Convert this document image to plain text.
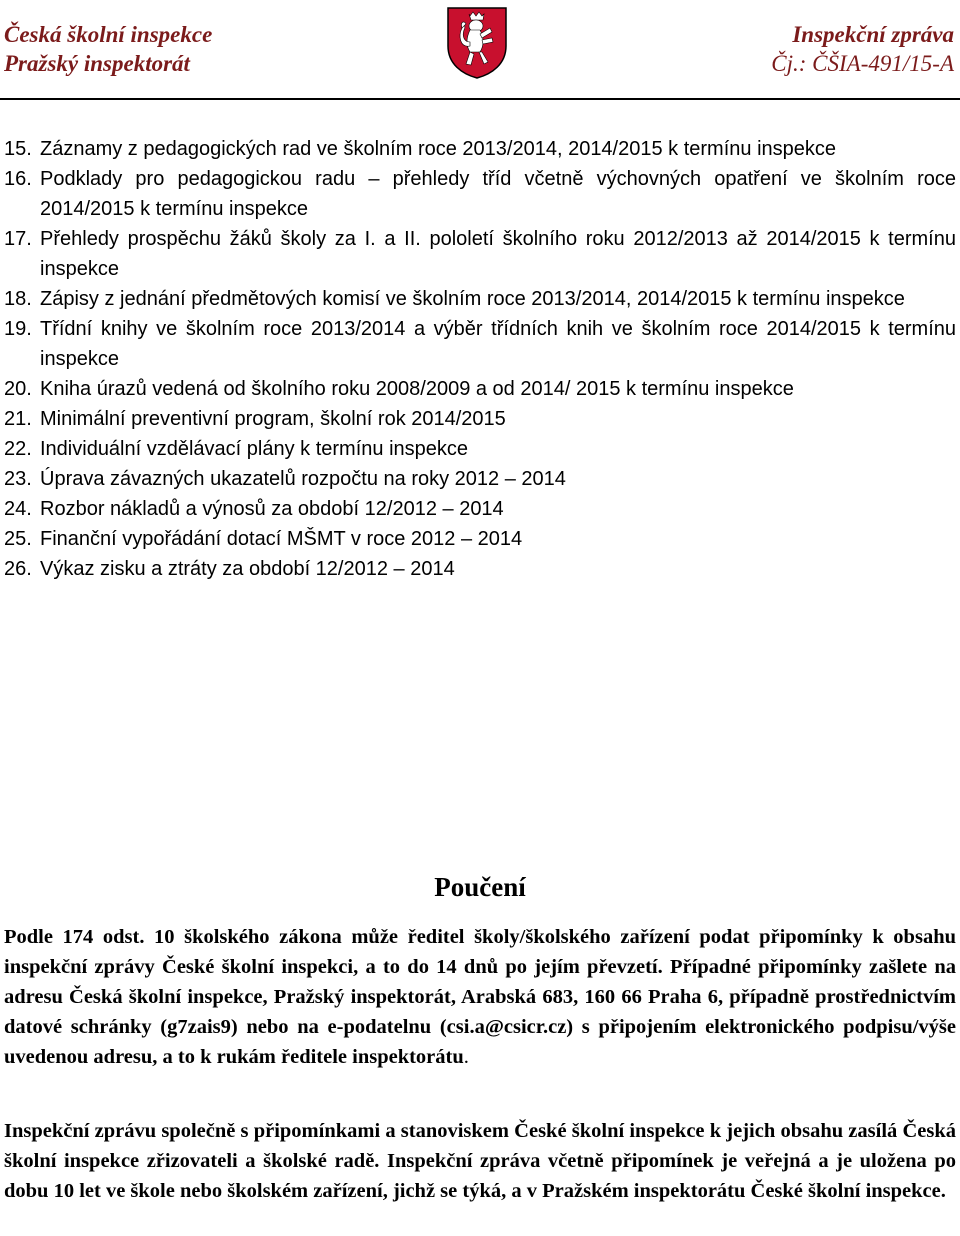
Česká školní inspekce
Pražský inspektorát
Inspekční zpráva
Čj.: ČŠIA-491/15-A
15. Záznamy z pedagogických rad ve školním roce 2013/2014, 2014/2015 k termínu inspekce
16. Podklady pro pedagogickou radu – přehledy tříd včetně výchovných opatření ve školním roce 2014/2015 k termínu inspekce
17. Přehledy prospěchu žáků školy za I. a II. pololetí školního roku 2012/2013 až 2014/2015 k termínu inspekce
18. Zápisy z jednání předmětových komisí ve školním roce 2013/2014, 2014/2015 k termínu inspekce
19. Třídní knihy ve školním roce 2013/2014 a výběr třídních knih ve školním roce 2014/2015 k termínu inspekce
20. Kniha úrazů vedená od školního roku 2008/2009 a od 2014/ 2015 k termínu inspekce
21. Minimální preventivní program, školní rok 2014/2015
22. Individuální vzdělávací plány k termínu inspekce
23. Úprava závazných ukazatelů rozpočtu na roky 2012 – 2014
24. Rozbor nákladů a výnosů za období 12/2012 – 2014
25. Finanční vypořádání dotací MŠMT v roce 2012 – 2014
26. Výkaz zisku a ztráty za období 12/2012 – 2014
Poučení
Podle 174 odst. 10 školského zákona může ředitel školy/školského zařízení podat připomínky k obsahu inspekční zprávy České školní inspekci, a to do 14 dnů po jejím převzetí. Případné připomínky zašlete na adresu Česká školní inspekce, Pražský inspektorát, Arabská 683, 160 66 Praha 6, případně prostřednictvím datové schránky (g7zais9) nebo na e-podatelnu (csi.a@csicr.cz) s připojením elektronického podpisu/výše uvedenou adresu, a to k rukám ředitele inspektorátu.
Inspekční zprávu společně s připomínkami a stanoviskem České školní inspekce k jejich obsahu zasílá Česká školní inspekce zřizovateli a školské radě. Inspekční zpráva včetně připomínek je veřejná a je uložena po dobu 10 let ve škole nebo školském zařízení, jichž se týká, a v Pražském inspektorátu České školní inspekce.
